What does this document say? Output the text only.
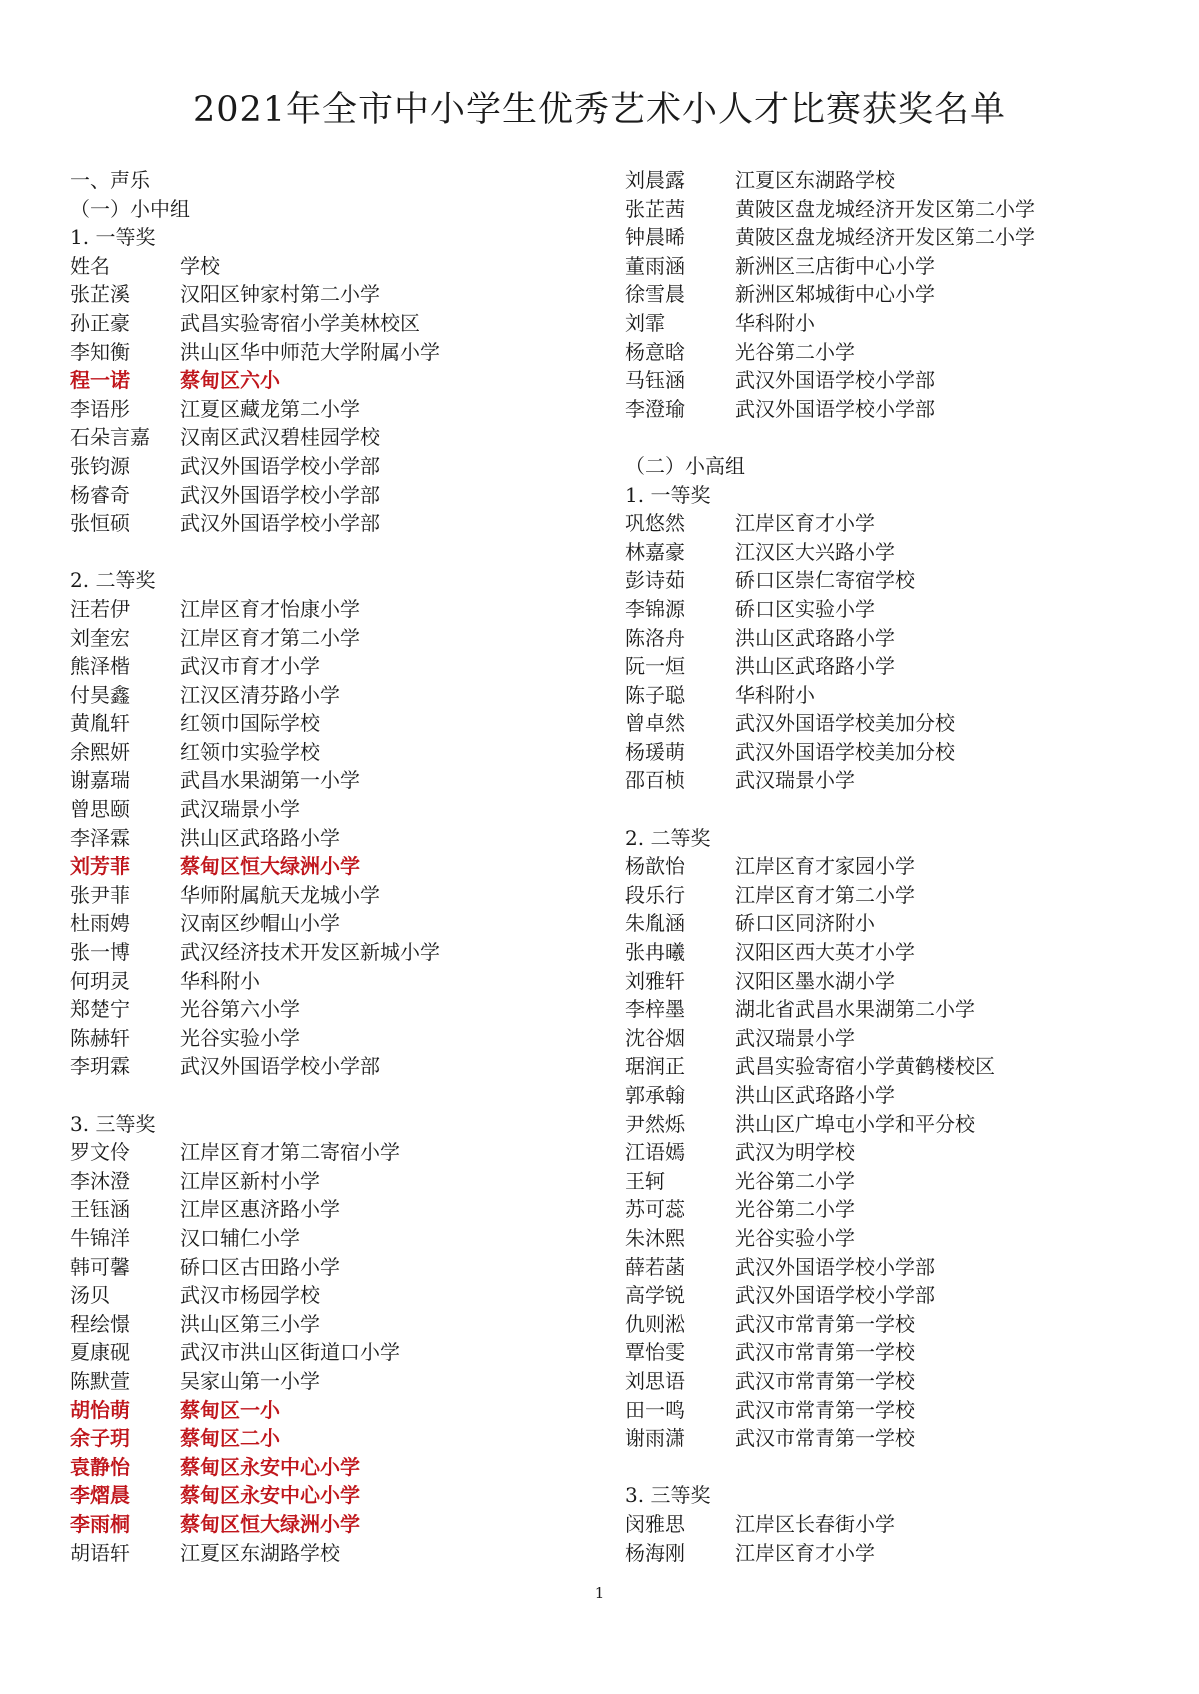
2021年全市中小学生优秀艺术小人才比赛获奖名单
一、声乐
（一）小中组
1. 一等奖
姓名	学校
张芷溪	汉阳区钟家村第二小学
孙正豪	武昌实验寄宿小学美林校区
李知衡	洪山区华中师范大学附属小学
程一诺	蔡甸区六小
李语彤	江夏区藏龙第二小学
石朵言嘉 汉南区武汉碧桂园学校
张钧源	武汉外国语学校小学部
杨睿奇	武汉外国语学校小学部
张恒硕	武汉外国语学校小学部
2. 二等奖
汪若伊	江岸区育才怡康小学
刘奎宏	江岸区育才第二小学
熊泽楷	武汉市育才小学
付昊鑫	江汉区清芬路小学
黄胤轩	红领巾国际学校
余熙妍	红领巾实验学校
谢嘉瑞	武昌水果湖第一小学
曾思颐	武汉瑞景小学
李泽霖	洪山区武珞路小学
刘芳菲	蔡甸区恒大绿洲小学
张尹菲	华师附属航天龙城小学
杜雨娉	汉南区纱帽山小学
张一博	武汉经济技术开发区新城小学
何玥灵	华科附小
郑楚宁	光谷第六小学
陈赫轩	光谷实验小学
李玥霖	武汉外国语学校小学部
3. 三等奖
罗文伶	江岸区育才第二寄宿小学
李沐澄	江岸区新村小学
王钰涵	江岸区惠济路小学
牛锦洋	汉口辅仁小学
韩可馨	硚口区古田路小学
汤贝	武汉市杨园学校
程绘憬	洪山区第三小学
夏康砚	武汉市洪山区街道口小学
陈默萱	吴家山第一小学
胡怡萌	蔡甸区一小
余子玥	蔡甸区二小
袁静怡	蔡甸区永安中心小学
李熠晨	蔡甸区永安中心小学
李雨桐	蔡甸区恒大绿洲小学
胡语轩	江夏区东湖路学校
刘晨露	江夏区东湖路学校
张芷茜	黄陂区盘龙城经济开发区第二小学
钟晨晞	黄陂区盘龙城经济开发区第二小学
董雨涵	新洲区三店街中心小学
徐雪晨	新洲区邾城街中心小学
刘霏	华科附小
杨意晗	光谷第二小学
马钰涵	武汉外国语学校小学部
李澄瑜	武汉外国语学校小学部
（二）小高组
1. 一等奖
巩悠然	江岸区育才小学
林嘉豪	江汉区大兴路小学
彭诗茹	硚口区崇仁寄宿学校
李锦源	硚口区实验小学
陈洛舟	洪山区武珞路小学
阮一烜	洪山区武珞路小学
陈子聪	华科附小
曾卓然	武汉外国语学校美加分校
杨瑗萌	武汉外国语学校美加分校
邵百桢	武汉瑞景小学
2. 二等奖
杨歆怡	江岸区育才家园小学
段乐行	江岸区育才第二小学
朱胤涵	硚口区同济附小
张冉曦	汉阳区西大英才小学
刘雅轩	汉阳区墨水湖小学
李梓墨	湖北省武昌水果湖第二小学
沈谷烟	武汉瑞景小学
琚润正	武昌实验寄宿小学黄鹤楼校区
郭承翰	洪山区武珞路小学
尹然烁	洪山区广埠屯小学和平分校
江语嫣	武汉为明学校
王轲	光谷第二小学
苏可蕊	光谷第二小学
朱沐熙	光谷实验小学
薛若菡	武汉外国语学校小学部
高学锐	武汉外国语学校小学部
仇则淞	武汉市常青第一学校
覃怡雯	武汉市常青第一学校
刘思语	武汉市常青第一学校
田一鸣	武汉市常青第一学校
谢雨潇	武汉市常青第一学校
3. 三等奖
闵雅思	江岸区长春街小学
杨海刚	江岸区育才小学
1
